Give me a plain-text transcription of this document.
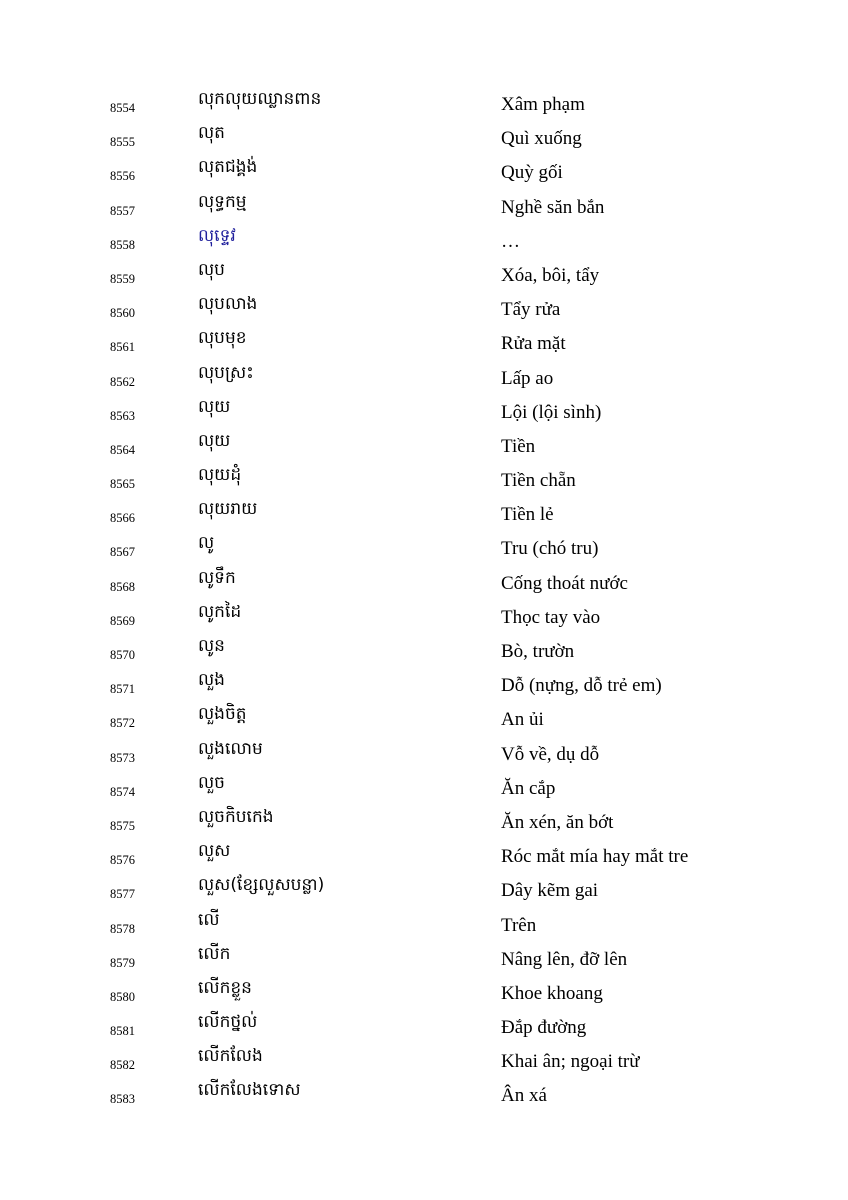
8554	លុកលុយឈ្លានពាន	Xâm phạm
8555	លុត	Quì xuống
8556	លុតជង្គង់	Quỳ gối
8557	លុទ្ធកម្ម	Nghề săn bắn
8558	លុទ្ទេវ	…
8559	លុប	Xóa, bôi, tẩy
8560	លុបលាង	Tẩy rửa
8561	លុបមុខ	Rửa mặt
8562	លុបស្រះ	Lấp ao
8563	លុយ	Lội (lội sình)
8564	លុយ	Tiền
8565	លុយដុំ	Tiền chẵn
8566	លុយរាយ	Tiền lẻ
8567	លូ	Tru (chó tru)
8568	លូទឹក	Cống thoát nước
8569	លូកដៃ	Thọc tay vào
8570	លូន	Bò, trườn
8571	លួង	Dỗ (nựng, dỗ trẻ em)
8572	លួងចិត្ត	An ủi
8573	លួងលោម	Vỗ về, dụ dỗ
8574	លួច	Ăn cắp
8575	លួចកិបកេង	Ăn xén, ăn bớt
8576	លួស	Róc mắt mía hay mắt tre
8577	លួស(ខ្សែលួសបន្លា)	Dây kẽm gai
8578	លើ	Trên
8579	លើក	Nâng lên, đỡ lên
8580	លើកខ្លួន	Khoe khoang
8581	លើកថ្នល់	Đắp đường
8582	លើកលែង	Khai ân; ngoại trừ
8583	លើកលែងទោស	Ân xá
